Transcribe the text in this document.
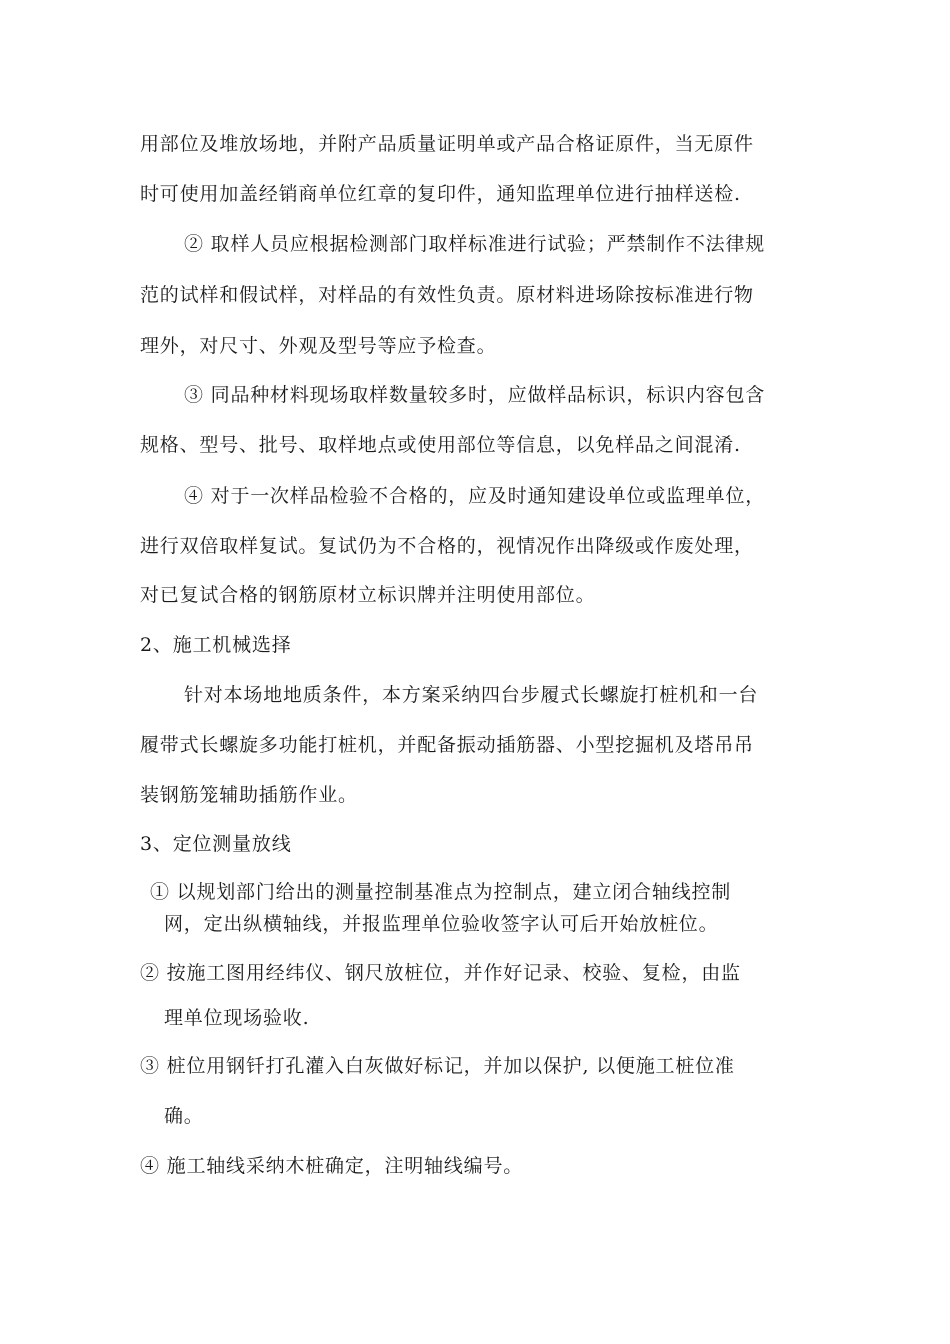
用部位及堆放场地，并附产品质量证明单或产品合格证原件，当无原件
时可使用加盖经销商单位红章的复印件，通知监理单位进行抽样送检.
② 取样人员应根据检测部门取样标准进行试验；严禁制作不法律规
范的试样和假试样，对样品的有效性负责。原材料进场除按标准进行物
理外，对尺寸、外观及型号等应予检查。
③ 同品种材料现场取样数量较多时，应做样品标识，标识内容包含
规格、型号、批号、取样地点或使用部位等信息，以免样品之间混淆.
④ 对于一次样品检验不合格的，应及时通知建设单位或监理单位，
进行双倍取样复试。复试仍为不合格的，视情况作出降级或作废处理，
对已复试合格的钢筋原材立标识牌并注明使用部位。
2、施工机械选择
针对本场地地质条件，本方案采纳四台步履式长螺旋打桩机和一台
履带式长螺旋多功能打桩机，并配备振动插筋器、小型挖掘机及塔吊吊
装钢筋笼辅助插筋作业。
3、定位测量放线
① 以规划部门给出的测量控制基准点为控制点，建立闭合轴线控制
网，定出纵横轴线，并报监理单位验收签字认可后开始放桩位。
② 按施工图用经纬仪、钢尺放桩位，并作好记录、校验、复检，由监
理单位现场验收.
③ 桩位用钢钎打孔灌入白灰做好标记，并加以保护, 以便施工桩位准
确。
④ 施工轴线采纳木桩确定，注明轴线编号。
